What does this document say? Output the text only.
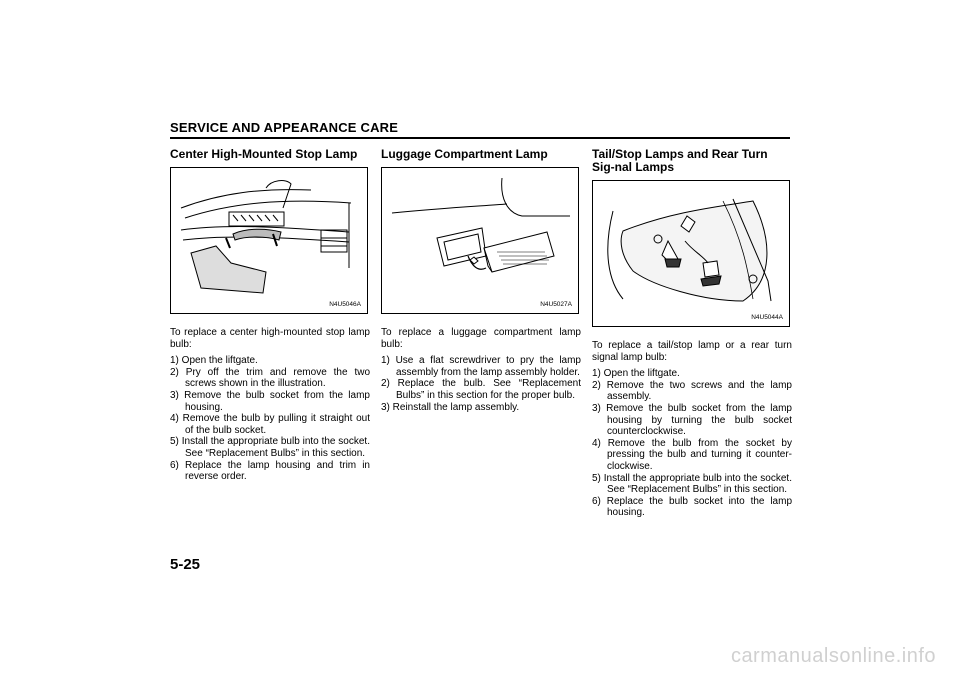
SERVICE AND APPEARANCE CARE
Center High-Mounted Stop Lamp
N4U5046A
To replace a center high-mounted stop lamp bulb:
1) Open the liftgate.
2) Pry off the trim and remove the two screws shown in the illustration.
3) Remove the bulb socket from the lamp housing.
4) Remove the bulb by pulling it straight out of the bulb socket.
5) Install the appropriate bulb into the socket. See “Replacement Bulbs” in this section.
6) Replace the lamp housing and trim in reverse order.
Luggage Compartment Lamp
N4U5027A
To replace a luggage compartment lamp bulb:
1) Use a flat screwdriver to pry the lamp assembly from the lamp assembly holder.
2) Replace the bulb. See “Replacement Bulbs” in this section for the proper bulb.
3) Reinstall the lamp assembly.
Tail/Stop Lamps and Rear Turn Sig-nal Lamps
N4U5044A
To replace a tail/stop lamp or a rear turn signal lamp bulb:
1) Open the liftgate.
2) Remove the two screws and the lamp assembly.
3) Remove the bulb socket from the lamp housing by turning the bulb socket counterclockwise.
4) Remove the bulb from the socket by pressing the bulb and turning it counter-clockwise.
5) Install the appropriate bulb into the socket. See “Replacement Bulbs” in this section.
6) Replace the bulb socket into the lamp housing.
5-25
carmanualsonline.info
